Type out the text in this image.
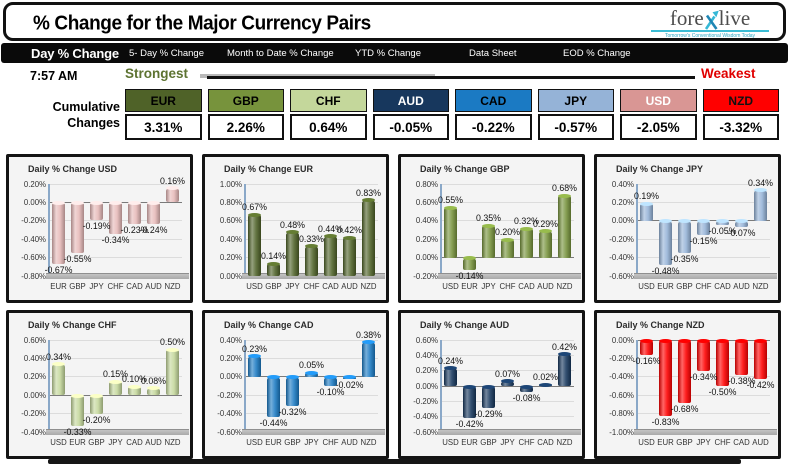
% Change for the Major Currency Pairs	fore live
Tomorrow's Conventional Wisdom Today
Day % Change 5- Day % Change Month to Date % Change YTD % Change	Data Sheet	EOD % Change
7:57 AM	Strongest	Weakest
Cumulative Changes
EUR
3.31%
GBP
2.26%
CHF
0.64%
AUD
-0.05%
CAD
-0.22%
JPY
-0.57%
USD
-2.05%
NZD
-3.32%
Daily % Change USD
0.20%
0.00%
-0.20%
-0.40%
-0.60%
-0.80%
-0.67%
EUR
-0.55%
GBP
-0.19%
JPY
-0.34%
CHF
-0.23%
CAD
-0.24%
AUD
0.16%
NZD
Daily % Change EUR
1.00%
0.80%
0.60%
0.40%
0.20%
0.00%
0.67%
USD
0.14%
GBP
0.48%
JPY
0.33%
CHF
0.44%
CAD
0.42%
AUD
0.83%
NZD
Daily % Change GBP
0.80%
0.60%
0.40%
0.20%
0.00%
-0.20%
0.55%
USD
-0.14%
EUR
0.35%
JPY
0.20%
CHF
0.32%
CAD
0.29%
AUD
0.68%
NZD
Daily % Change JPY
0.40%
0.20%
0.00%
-0.20%
-0.40%
-0.60%
0.19%
USD
-0.48%
EUR
-0.35%
GBP
-0.15%
CHF
-0.05%
CAD
-0.07%
AUD
0.34%
NZD
Daily % Change CHF
0.60%
0.40%
0.20%
0.00%
-0.20%
-0.40%
0.34%
USD
-0.33%
EUR
-0.20%
GBP
0.15%
JPY
0.10%
CAD
0.08%
AUD
0.50%
NZD
Daily % Change CAD
0.40%
0.20%
0.00%
-0.20%
-0.40%
-0.60%
0.23%
USD
-0.44%
EUR
-0.32%
GBP
0.05%
JPY
-0.10%
CHF
-0.02%
AUD
0.38%
NZD
Daily % Change AUD
0.60%
0.40%
0.20%
0.00%
-0.20%
-0.40%
-0.60%
0.24%
USD
-0.42%
EUR
-0.29%
GBP
0.07%
JPY
-0.08%
CHF
0.02%
CAD
0.42%
NZD
Daily % Change NZD
0.00%
-0.20%
-0.40%
-0.60%
-0.80%
-1.00%
-0.16%
USD
-0.83%
EUR
-0.68%
GBP
-0.34%
JPY
-0.50%
CHF
-0.38%
CAD
-0.42%
AUD
